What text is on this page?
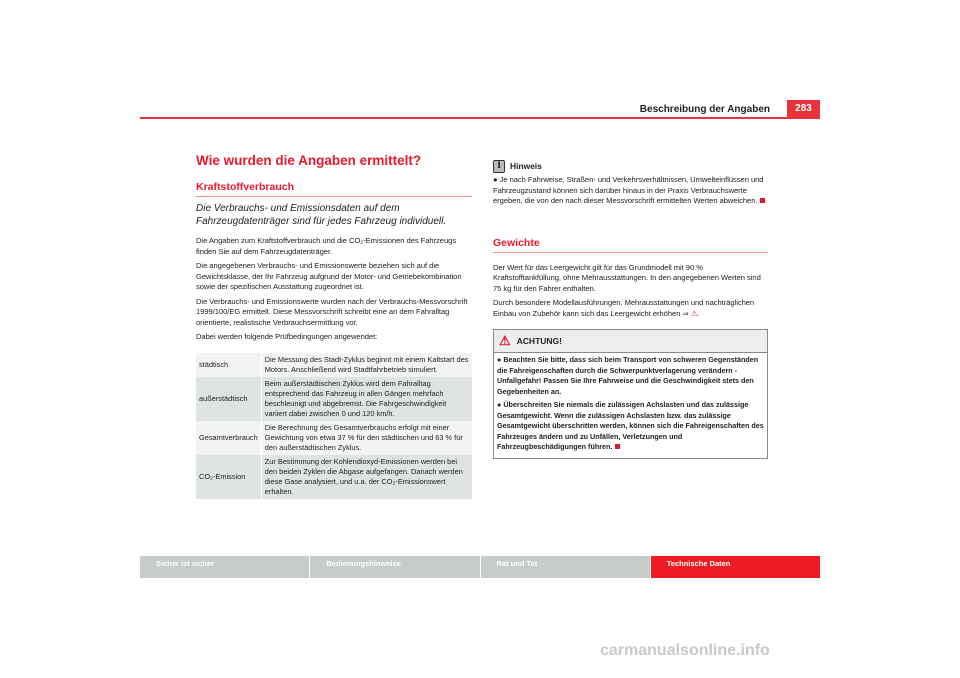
Beschreibung der Angaben	283
Wie wurden die Angaben ermittelt?
Kraftstoffverbrauch
Die Verbrauchs- und Emissionsdaten auf dem Fahrzeugdatenträger sind für jedes Fahrzeug individuell.

Die Angaben zum Kraftstoffverbrauch und die CO₂-Emissionen des Fahrzeugs finden Sie auf dem Fahrzeugdatenträger.

Die angegebenen Verbrauchs- und Emissionswerte beziehen sich auf die Gewichtsklasse, der Ihr Fahrzeug aufgrund der Motor- und Getriebekombination sowie der spezifischen Ausstattung zugeordnet ist.

Die Verbrauchs- und Emissionswerte wurden nach der Verbrauchs-Messvorschrift 1999/100/EG ermittelt. Diese Messvorschrift schreibt eine an dem Fahralltag orientierte, realistische Verbrauchsermittlung vor.

Dabei werden folgende Prüfbedingungen angewendet:

städtisch	Die Messung des Stadt-Zyklus beginnt mit einem Kaltstart des Motors. Anschließend wird Stadtfahrbetrieb simuliert.
außerstädtisch	Beim außerstädtischen Zyklus wird dem Fahralltag entsprechend das Fahrzeug in allen Gängen mehrfach beschleunigt und abgebremst. Die Fahrgeschwindigkeit variiert dabei zwischen 0 und 120 km/h.
Gesamtverbrauch	Die Berechnung des Gesamtverbrauchs erfolgt mit einer Gewichtung von etwa 37 % für den städtischen und 63 % für den außerstädtischen Zyklus.
CO₂-Emission	Zur Bestimmung der Kohlendioxyd-Emissionen werden bei den beiden Zyklen die Abgase aufgefangen. Danach werden diese Gase analysiert, und u.a. der CO₂-Emissionswert erhalten.
i	Hinweis
● Je nach Fahrweise, Straßen- und Verkehrsverhältnissen, Umwelteinflüssen und Fahrzeugzustand können sich darüber hinaus in der Praxis Verbrauchswerte ergeben, die von den nach dieser Messvorschrift ermittelten Werten abweichen.
Gewichte

Der Wert für das Leergewicht gilt für das Grundmodell mit 90 % Kraftstofftankfüllung, ohne Mehrausstattungen. In den angegebenen Werten sind 75 kg für den Fahrer enthalten.

Durch besondere Modellausführungen, Mehrausstattungen und nachträglichen Einbau von Zubehör kann sich das Leergewicht erhöhen ⇒ ⚠.

⚠ ACHTUNG!

● Beachten Sie bitte, dass sich beim Transport von schweren Gegenständen die Fahreigenschaften durch die Schwerpunktverlagerung verändern - Unfallgefahr! Passen Sie Ihre Fahrweise und die Geschwindigkeit stets den Gegebenheiten an.

● Überschreiten Sie niemals die zulässigen Achslasten und das zulässige Gesamtgewicht. Wenn die zulässigen Achslasten bzw. das zulässige Gesamtgewicht überschritten werden, können sich die Fahreigenschaften des Fahrzeuges ändern und zu Unfällen, Verletzungen und Fahrzeugbeschädigungen führen.

Sicher ist sicher	Bedienungshinweise	Rat und Tat	Technische Daten
carmanualsonline.info
